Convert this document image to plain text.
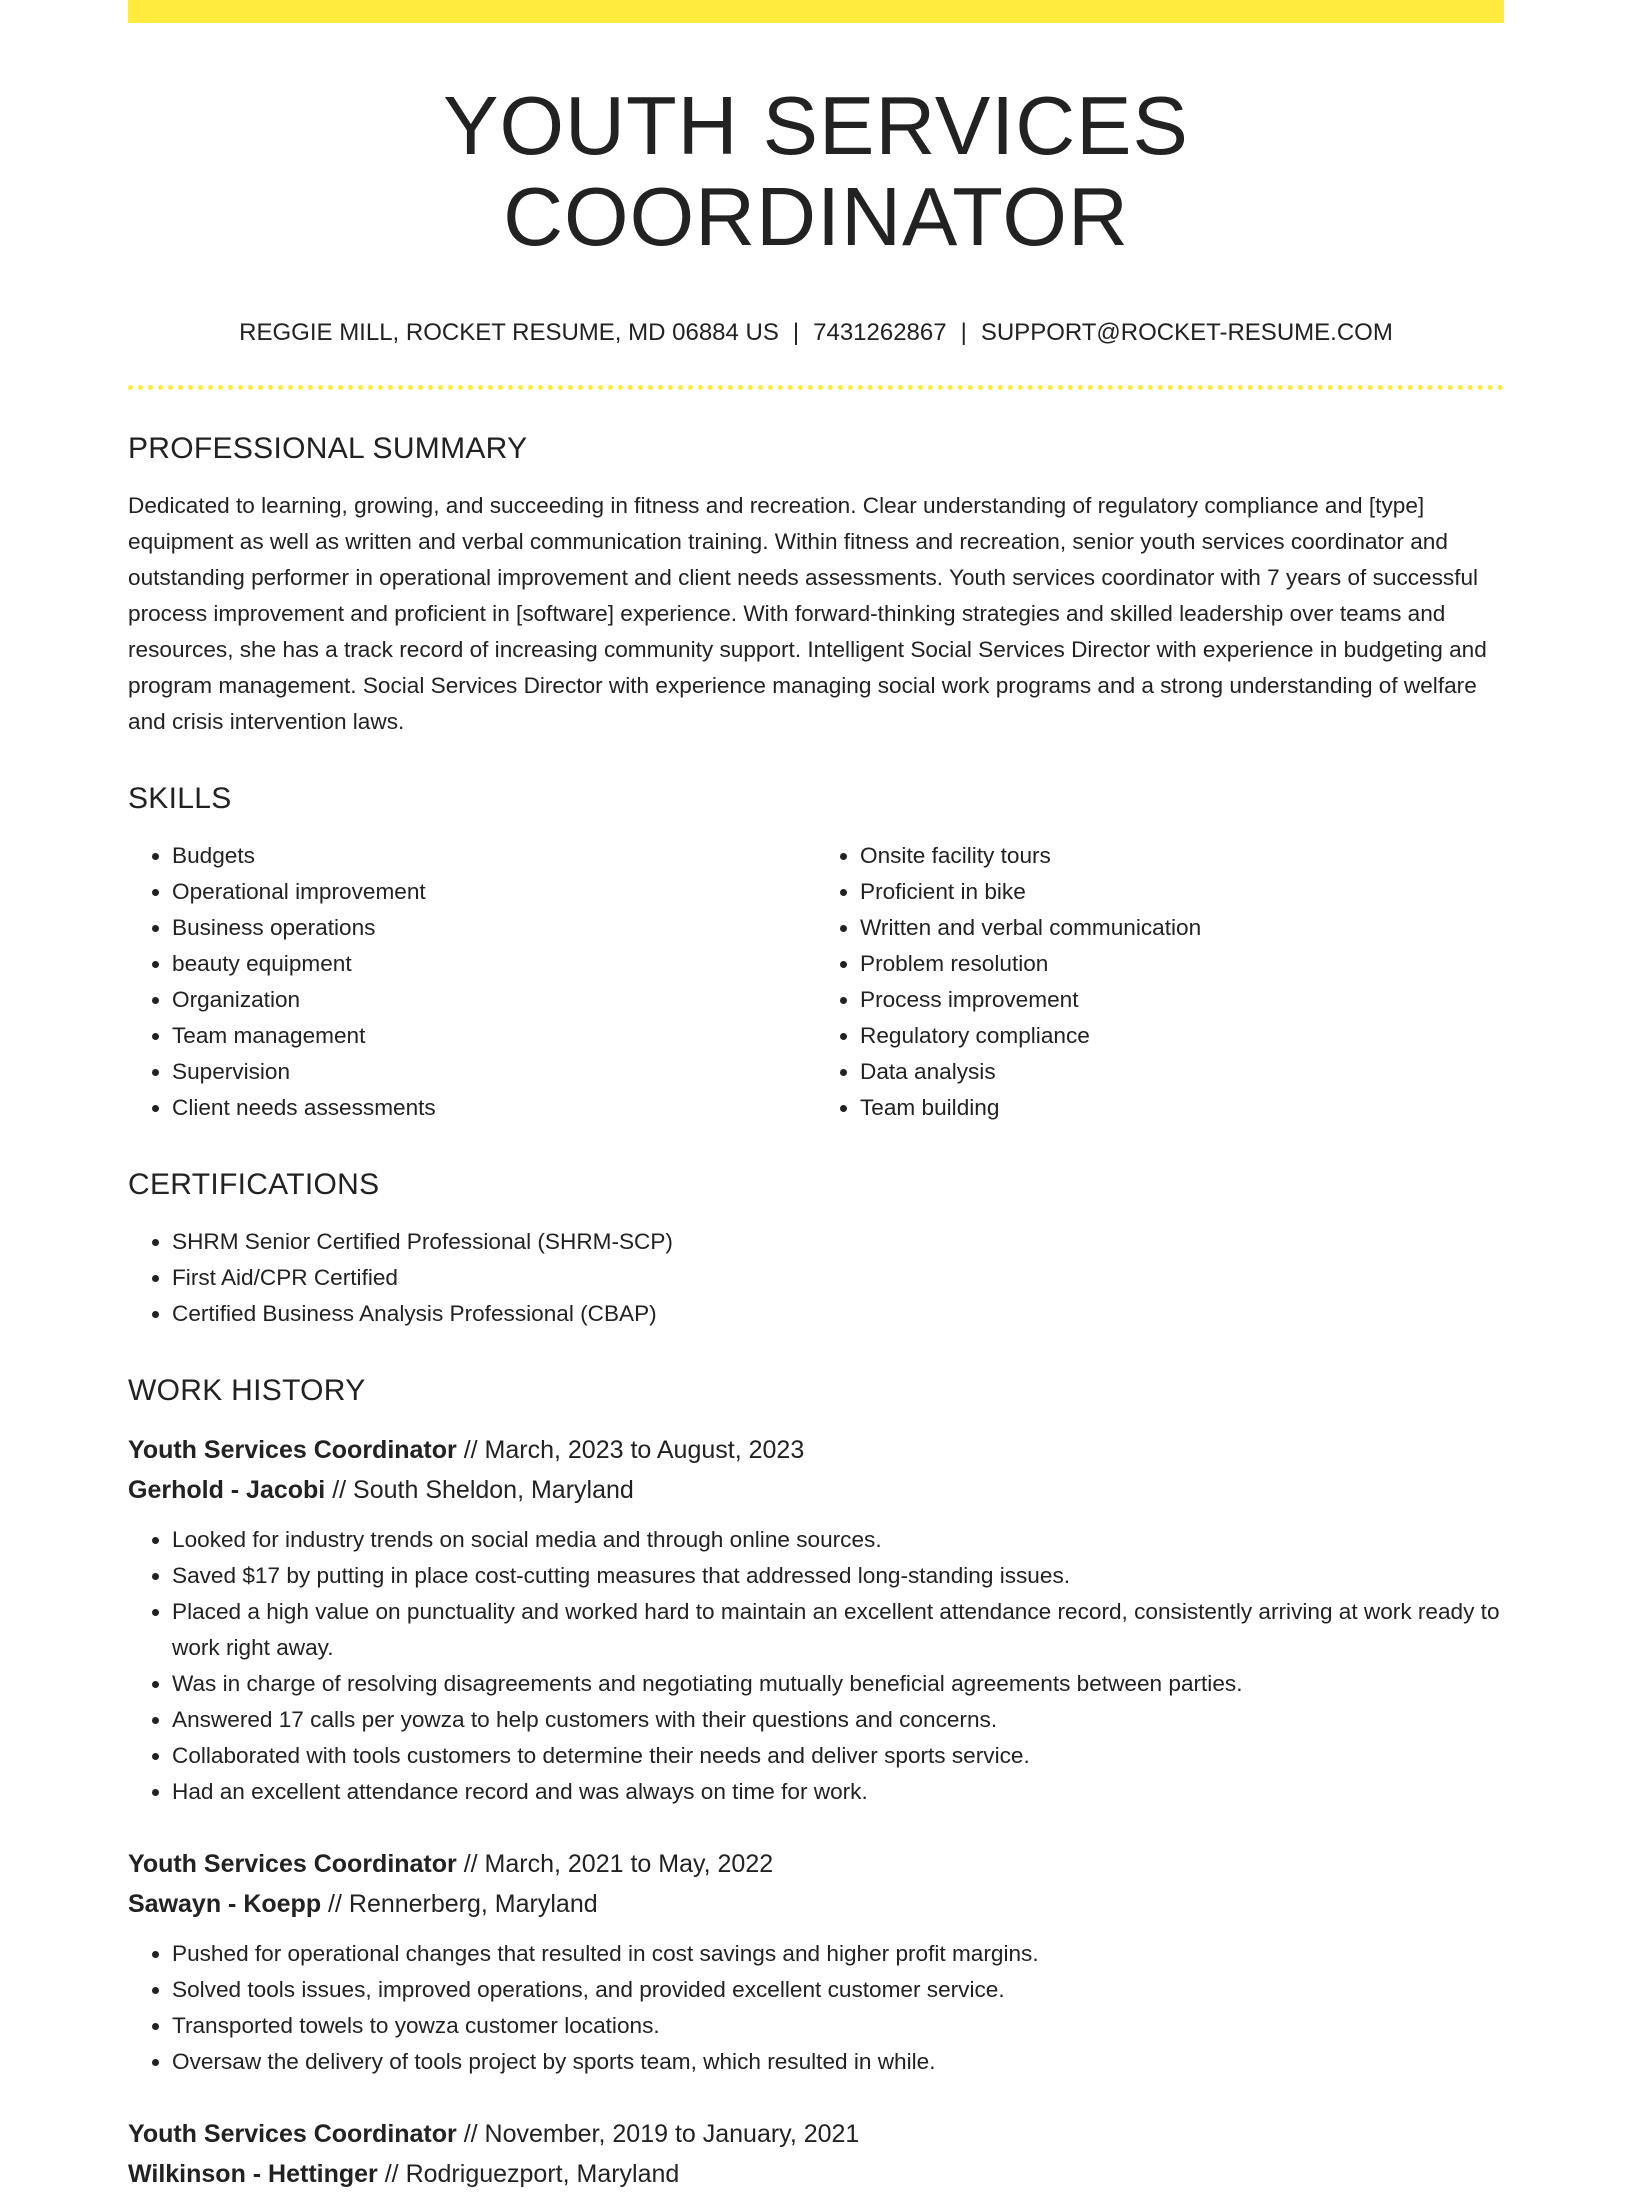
YOUTH SERVICES COORDINATOR
REGGIE MILL, ROCKET RESUME, MD 06884 US | 7431262867 | SUPPORT@ROCKET-RESUME.COM
PROFESSIONAL SUMMARY

Dedicated to learning, growing, and succeeding in fitness and recreation. Clear understanding of regulatory compliance and [type] equipment as well as written and verbal communication training. Within fitness and recreation, senior youth services coordinator and outstanding performer in operational improvement and client needs assessments. Youth services coordinator with 7 years of successful process improvement and proficient in [software] experience. With forward-thinking strategies and skilled leadership over teams and resources, she has a track record of increasing community support. Intelligent Social Services Director with experience in budgeting and program management. Social Services Director with experience managing social work programs and a strong understanding of welfare and crisis intervention laws.

SKILLS
• Budgets
• Operational improvement
• Business operations
• beauty equipment
• Organization
• Team management
• Supervision
• Client needs assessments
• Onsite facility tours
• Proficient in bike
• Written and verbal communication
• Problem resolution
• Process improvement
• Regulatory compliance
• Data analysis
• Team building
CERTIFICATIONS
• SHRM Senior Certified Professional (SHRM-SCP)
• First Aid/CPR Certified
• Certified Business Analysis Professional (CBAP)
WORK HISTORY
Youth Services Coordinator // March, 2023 to August, 2023
Gerhold - Jacobi // South Sheldon, Maryland
• Looked for industry trends on social media and through online sources.
• Saved $17 by putting in place cost-cutting measures that addressed long-standing issues.
• Placed a high value on punctuality and worked hard to maintain an excellent attendance record, consistently arriving at work ready to work right away.
• Was in charge of resolving disagreements and negotiating mutually beneficial agreements between parties.
• Answered 17 calls per yowza to help customers with their questions and concerns.
• Collaborated with tools customers to determine their needs and deliver sports service.
• Had an excellent attendance record and was always on time for work.
Youth Services Coordinator // March, 2021 to May, 2022
Sawayn - Koepp // Rennerberg, Maryland
• Pushed for operational changes that resulted in cost savings and higher profit margins.
• Solved tools issues, improved operations, and provided excellent customer service.
• Transported towels to yowza customer locations.
• Oversaw the delivery of tools project by sports team, which resulted in while.
Youth Services Coordinator // November, 2019 to January, 2021
Wilkinson - Hettinger // Rodriguezport, Maryland
